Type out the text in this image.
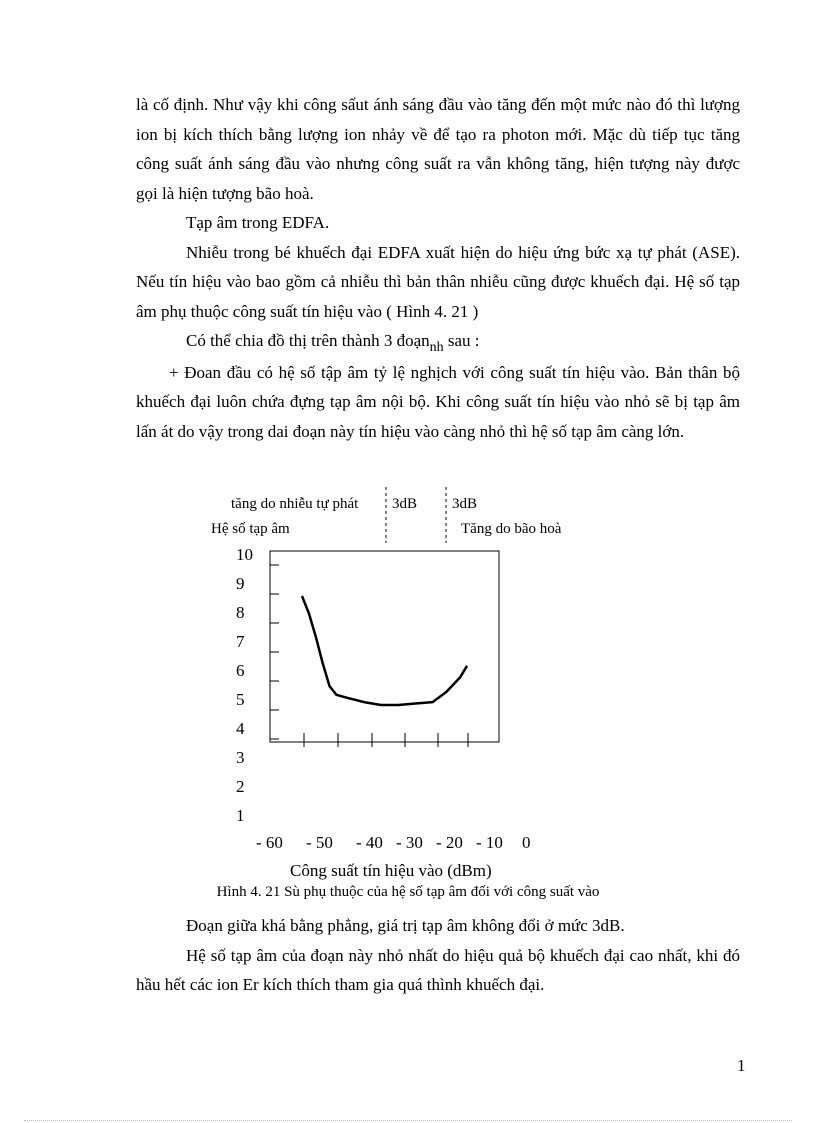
là cố định. Như vậy khi công sấut ánh sáng đầu vào tăng đến một mức nào đó thì lượng ion bị kích thích bằng lượng ion nhảy về để tạo ra photon mới. Mặc dù tiếp tục tăng công suất ánh sáng đầu vào nhưng công suất ra vẫn không tăng, hiện tượng này được gọi là hiện tượng bão hoà.

Tạp âm trong EDFA.

Nhiễu trong bé khuếch đại EDFA xuất hiện do hiệu ứng bức xạ tự phát (ASE). Nếu tín hiệu vào bao gồm cả nhiễu thì bản thân nhiễu cũng được khuếch đại. Hệ số tạp âm phụ thuộc công suất tín hiệu vào ( Hình 4. 21 )

Có thể chia đồ thị trên thành 3 đoạn$_{nh}$ sau :

+ Đoan đầu có hệ số tập âm tỷ lệ nghịch với công suất tín hiệu vào. Bản thân bộ khuếch đại luôn chứa đựng tạp âm nội bộ. Khi công suất tín hiệu vào nhỏ sẽ bị tạp âm lấn át do vậy trong dai đoạn này tín hiệu vào càng nhỏ thì hệ số tạp âm càng lớn.

tăng do nhiễu tự phát 3dB 3dB
Hệ số tạp âm	Tăng do bão hoà
10
9
8
7
6
5
4
3
2
1
- 60 - 50 - 40 - 30 - 20 - 10 0
Công suất tín hiệu vào (dBm)
Hình 4. 21 Sù phụ thuộc của hệ số tạp âm đối với công suất vào

Đoạn giữa khá bằng phẳng, giá trị tạp âm không đổi ở mức 3dB.

Hệ số tạp âm của đoạn này nhỏ nhất do hiệu quả bộ khuếch đại cao nhất, khi đó hầu hết các ion Er kích thích tham gia quá thình khuếch đại.

1
